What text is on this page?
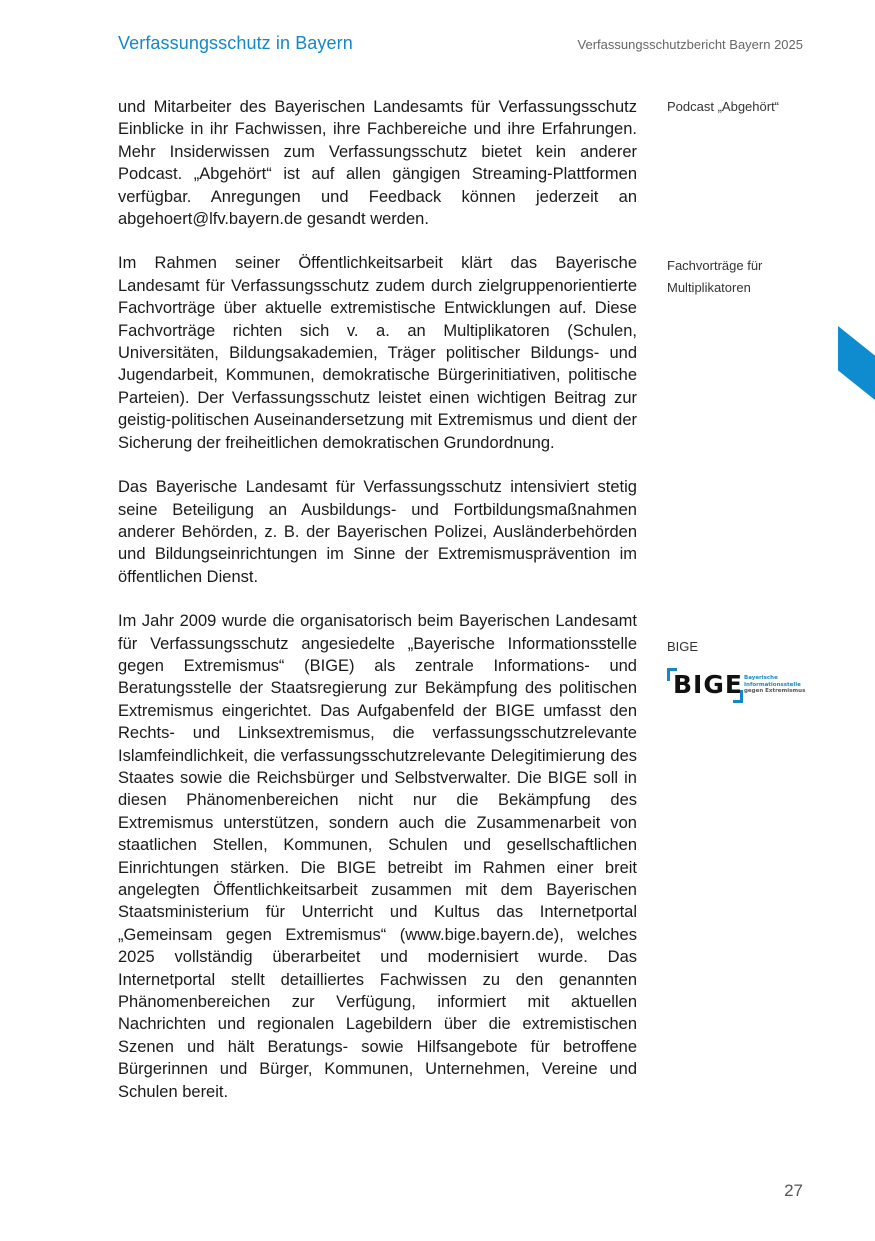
Verfassungsschutz in Bayern	Verfassungsschutzbericht Bayern 2025

und Mitarbeiter des Bayerischen Landesamts für Verfassungsschutz Einblicke in ihr Fachwissen, ihre Fachbereiche und ihre Erfahrungen. Mehr Insiderwissen zum Verfassungsschutz bietet kein anderer Podcast. „Abgehört“ ist auf allen gängigen Streaming-Plattformen verfügbar. Anregungen und Feedback können jederzeit an abgehoert@lfv.bayern.de gesandt werden.

Im Rahmen seiner Öffentlichkeitsarbeit klärt das Bayerische Landesamt für Verfassungsschutz zudem durch zielgruppenorientierte Fachvorträge über aktuelle extremistische Entwicklungen auf. Diese Fachvorträge richten sich v. a. an Multiplikatoren (Schulen, Universitäten, Bildungsakademien, Träger politischer Bildungs- und Jugendarbeit, Kommunen, demokratische Bürgerinitiativen, politische Parteien). Der Verfassungsschutz leistet einen wichtigen Beitrag zur geistig-politischen Auseinandersetzung mit Extremismus und dient der Sicherung der freiheitlichen demokratischen Grundordnung.

Das Bayerische Landesamt für Verfassungsschutz intensiviert stetig seine Beteiligung an Ausbildungs- und Fortbildungsmaßnahmen anderer Behörden, z. B. der Bayerischen Polizei, Ausländerbehörden und Bildungseinrichtungen im Sinne der Extremismusprävention im öffentlichen Dienst.

Im Jahr 2009 wurde die organisatorisch beim Bayerischen Landesamt für Verfassungsschutz angesiedelte „Bayerische Informationsstelle gegen Extremismus“ (BIGE) als zentrale Informations- und Beratungsstelle der Staatsregierung zur Bekämpfung des politischen Extremismus eingerichtet. Das Aufgabenfeld der BIGE umfasst den Rechts- und Linksextremismus, die verfassungsschutzrelevante Islamfeindlichkeit, die verfassungsschutzrelevante Delegitimierung des Staates sowie die Reichsbürger und Selbstverwalter. Die BIGE soll in diesen Phänomenbereichen nicht nur die Bekämpfung des Extremismus unterstützen, sondern auch die Zusammenarbeit von staatlichen Stellen, Kommunen, Schulen und gesellschaftlichen Einrichtungen stärken. Die BIGE betreibt im Rahmen einer breit angelegten Öffentlichkeitsarbeit zusammen mit dem Bayerischen Staatsministerium für Unterricht und Kultus das Internetportal „Gemeinsam gegen Extremismus“ (www.bige.bayern.de), welches 2025 vollständig überarbeitet und modernisiert wurde. Das Internetportal stellt detailliertes Fachwissen zu den genannten Phänomenbereichen zur Verfügung, informiert mit aktuellen Nachrichten und regionalen Lagebildern über die extremistischen Szenen und hält Beratungs- sowie Hilfsangebote für betroffene Bürgerinnen und Bürger, Kommunen, Unternehmen, Vereine und Schulen bereit.

Podcast „Abgehört“
Fachvorträge für Multiplikatoren
BIGE
BIGE Bayerische
Informationsstelle
gegen Extremismus
27
